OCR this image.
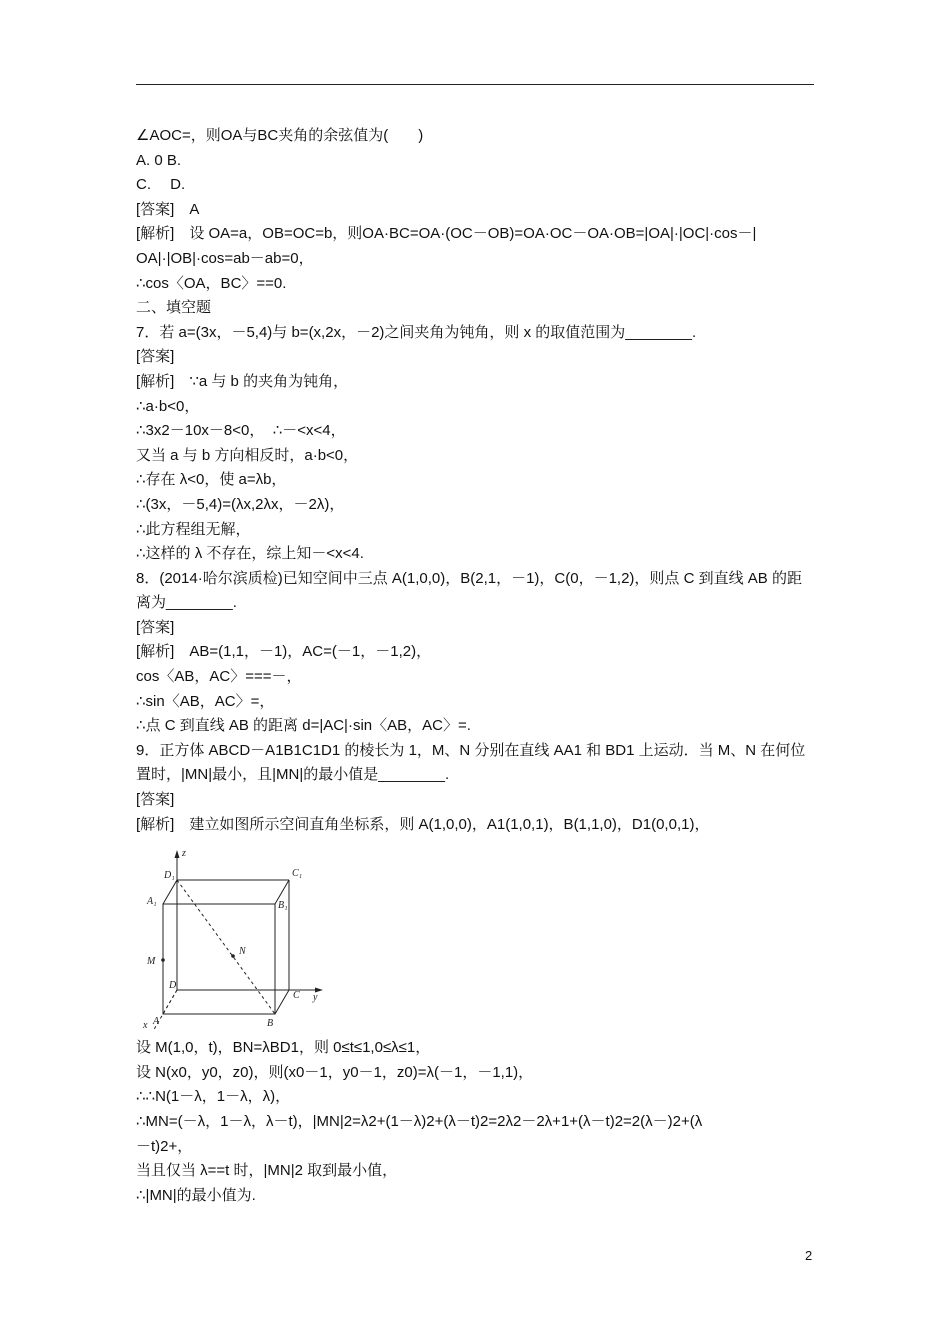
∠AOC=，则OA与BC夹角的余弦值为(　　)
A. 0 B.
C.　 D.
[答案]　A
[解析]　设 OA=a，OB=OC=b，则OA·BC=OA·(OC－OB)=OA·OC－OA·OB=|OA|·|OC|·cos－|
OA|·|OB|·cos=ab－ab=0，
∴cos〈OA，BC〉==0.
二、填空题
7．若 a=(3x，－5,4)与 b=(x,2x，－2)之间夹角为钝角，则 x 的取值范围为________.
[答案]
[解析]　∵a 与 b 的夹角为钝角，
∴a·b<0，
∴3x2－10x－8<0，  ∴－<x<4，
又当 a 与 b 方向相反时，a·b<0，
∴存在 λ<0，使 a=λb，
∴(3x，－5,4)=(λx,2λx，－2λ)，
∴此方程组无解，
∴这样的 λ 不存在，综上知－<x<4.
8．(2014·哈尔滨质检)已知空间中三点 A(1,0,0)，B(2,1，－1)，C(0，－1,2)，则点 C 到直线 AB 的距
离为________.
[答案]
[解析]　AB=(1,1，－1)，AC=(－1，－1,2)，
cos〈AB，AC〉===－，
∴sin〈AB，AC〉=，
∴点 C 到直线 AB 的距离 d=|AC|·sin〈AB，AC〉=.
9．正方体 ABCD－A1B1C1D1 的棱长为 1，M、N 分别在直线 AA1 和 BD1 上运动．当 M、N 在何位
置时，|MN|最小，且|MN|的最小值是________.
[答案]
[解析]　建立如图所示空间直角坐标系，则 A(1,0,0)，A1(1,0,1)，B(1,1,0)，D1(0,0,1)，
z
y
x
D₁	C₁
A₁	B₁
M
N
D
C
A	B
设 M(1,0，t)，BN=λBD1，则 0≤t≤1,0≤λ≤1，
设 N(x0，y0，z0)，则(x0－1，y0－1，z0)=λ(－1，－1,1)，
∴∴N(1－λ，1－λ，λ)，
∴MN=(－λ，1－λ，λ－t)，|MN|2=λ2+(1－λ)2+(λ－t)2=2λ2－2λ+1+(λ－t)2=2(λ－)2+(λ
－t)2+，
当且仅当 λ==t 时，|MN|2 取到最小值，
∴|MN|的最小值为.
2
